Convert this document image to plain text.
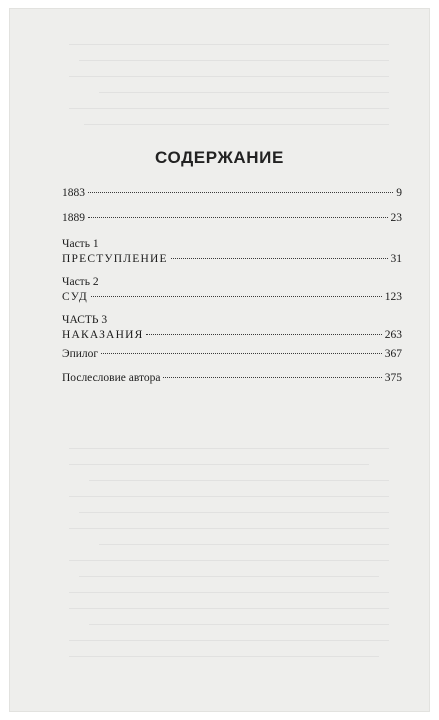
СОДЕРЖАНИЕ
1883	9
1889	23
Часть 1
ПРЕСТУПЛЕНИЕ	31
Часть 2
СУД	123
ЧАСТЬ 3
НАКАЗАНИЯ	263
Эпилог	367
Послесловие автора	375
